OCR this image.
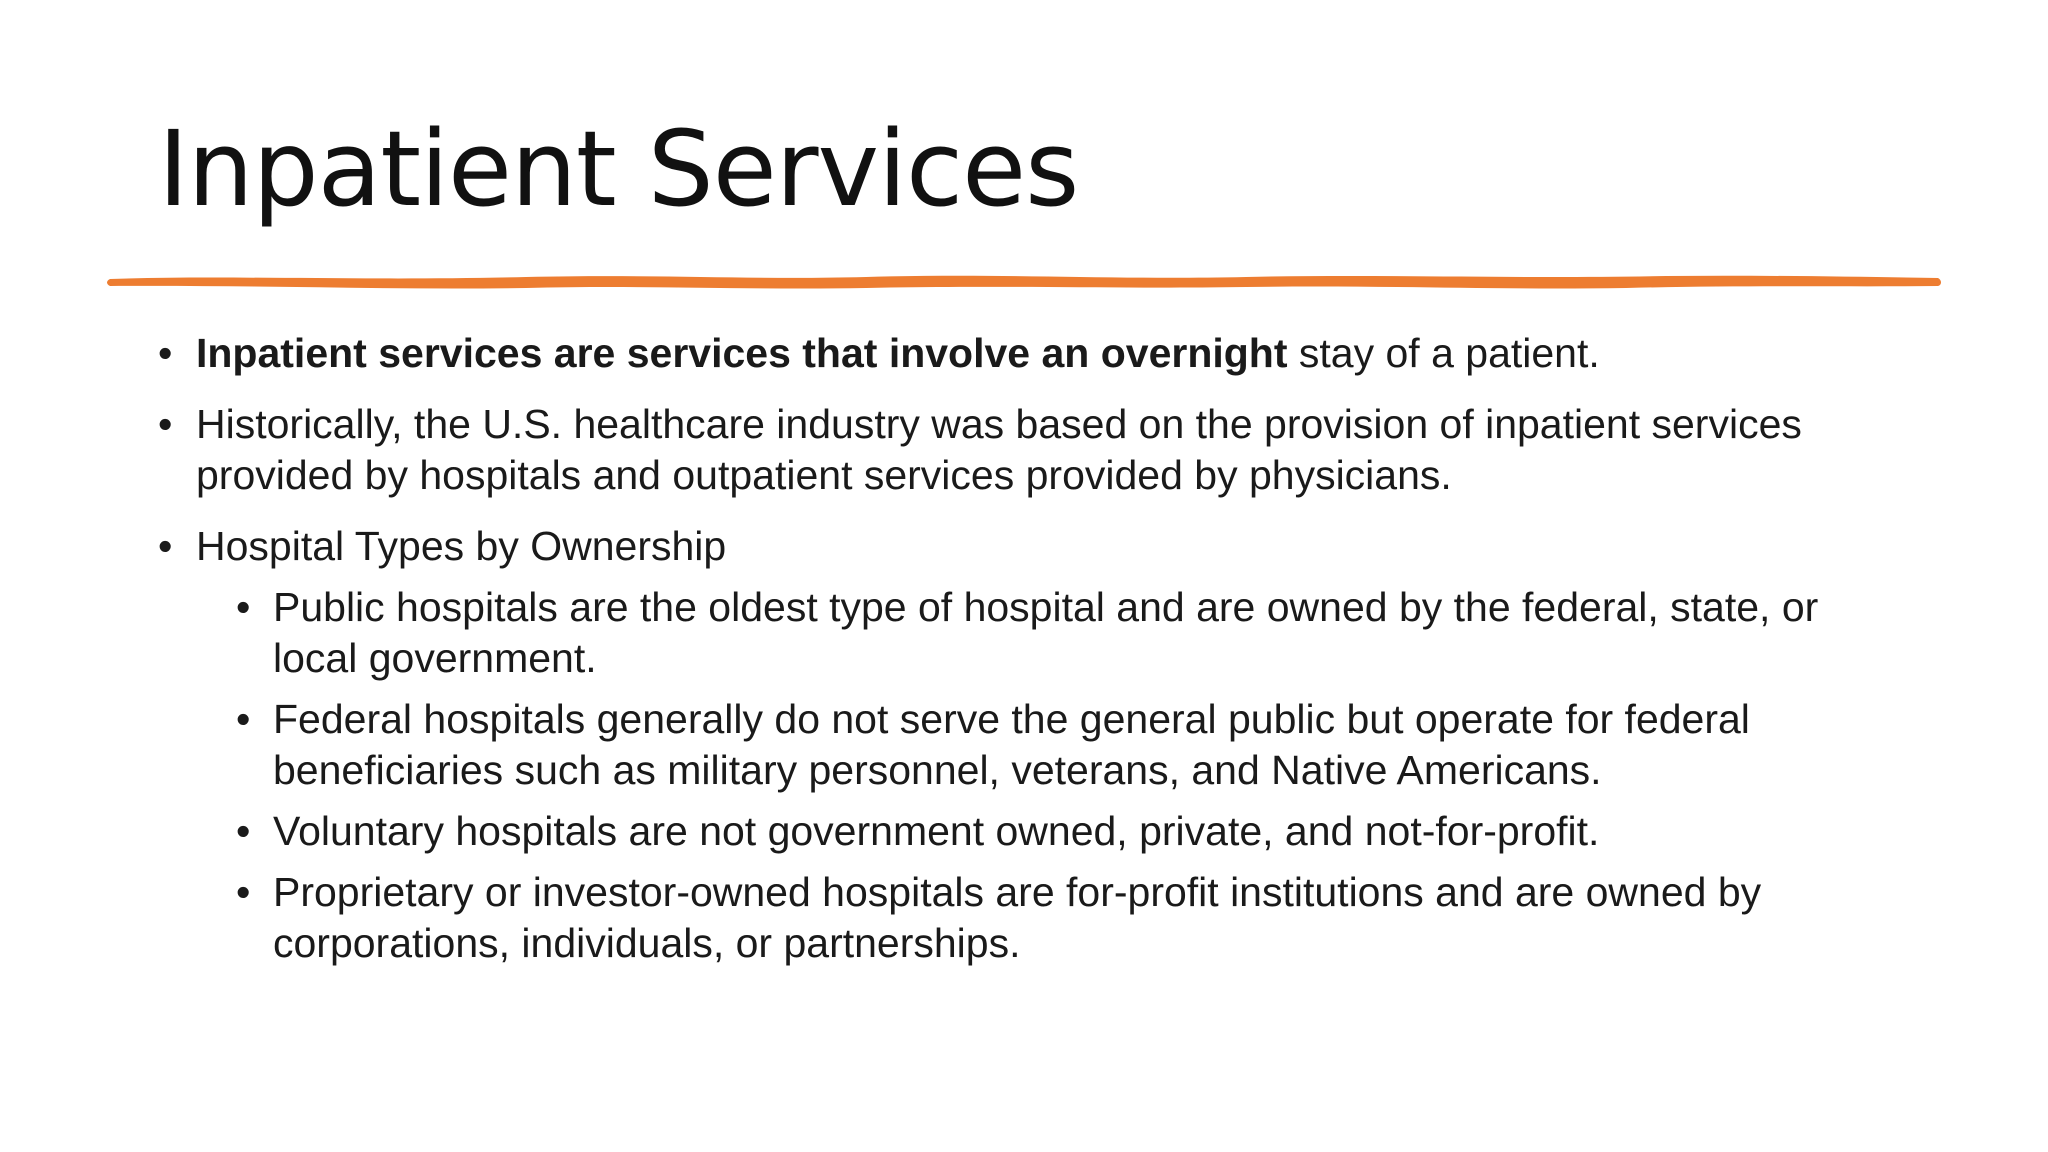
Inpatient Services
• Inpatient services are services that involve an overnight stay of a patient.
• Historically, the U.S. healthcare industry was based on the provision of inpatient services provided by hospitals and outpatient services provided by physicians.
• Hospital Types by Ownership
• Public hospitals are the oldest type of hospital and are owned by the federal, state, or local government.
• Federal hospitals generally do not serve the general public but operate for federal beneficiaries such as military personnel, veterans, and Native Americans.
• Voluntary hospitals are not government owned, private, and not-for-profit.
• Proprietary or investor-owned hospitals are for-profit institutions and are owned by corporations, individuals, or partnerships.
